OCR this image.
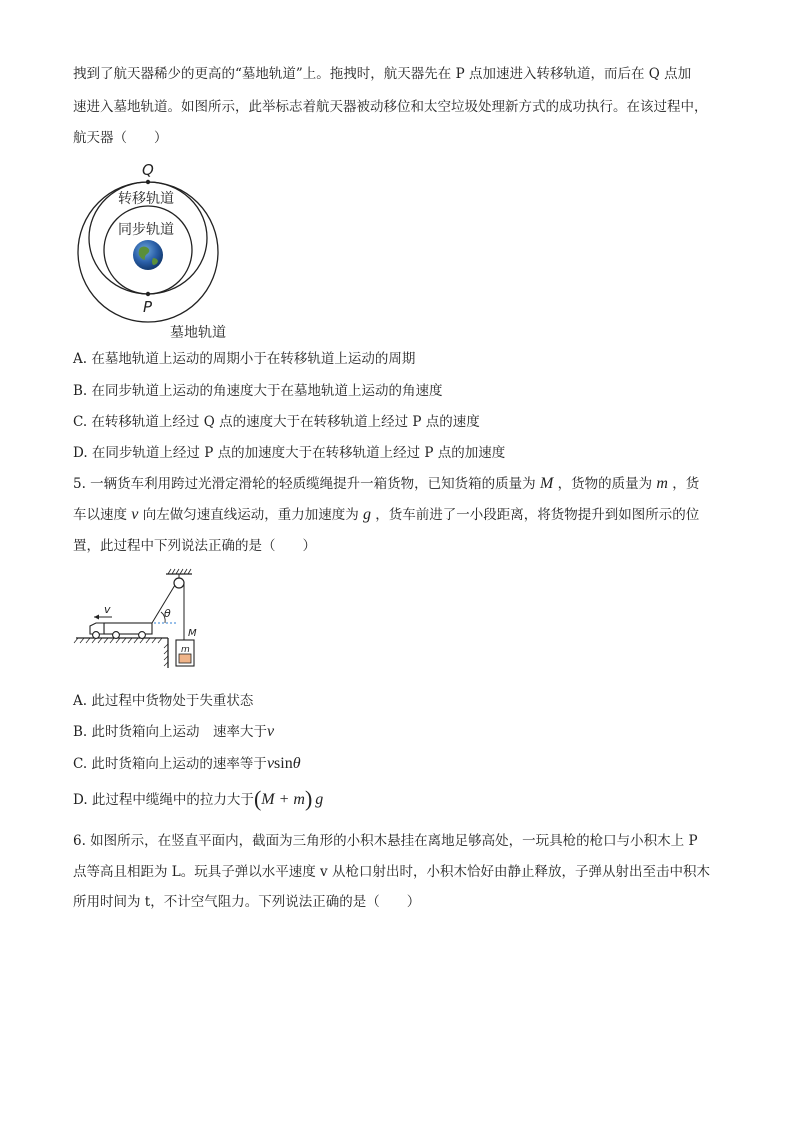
拽到了航天器稀少的更高的“墓地轨道”上。拖拽时，航天器先在 P 点加速进入转移轨道，而后在 Q 点加
速进入墓地轨道。如图所示，此举标志着航天器被动移位和太空垃圾处理新方式的成功执行。在该过程中，
航天器（　　）
Q
P
转移轨道
同步轨道
墓地轨道
A. 在墓地轨道上运动的周期小于在转移轨道上运动的周期
B. 在同步轨道上运动的角速度大于在墓地轨道上运动的角速度
C. 在转移轨道上经过 Q 点的速度大于在转移轨道上经过 P 点的速度
D. 在同步轨道上经过 P 点的加速度大于在转移轨道上经过 P 点的加速度
5. 一辆货车利用跨过光滑定滑轮的轻质缆绳提升一箱货物，已知货箱的质量为 M ，货物的质量为 m ，货
车以速度 v 向左做匀速直线运动，重力加速度为 g ，货车前进了一小段距离，将货物提升到如图所示的位
置，此过程中下列说法正确的是（　　）
θ
v
M
m
A. 此过程中货物处于失重状态
B. 此时货箱向上运动　速率大于v
C. 此时货箱向上运动的速率等于vsinθ
D. 此过程中缆绳中的拉力大于(M + m) g
6. 如图所示，在竖直平面内，截面为三角形的小积木悬挂在离地足够高处，一玩具枪的枪口与小积木上 P
点等高且相距为 L。玩具子弹以水平速度 v 从枪口射出时，小积木恰好由静止释放，子弹从射出至击中积木
所用时间为 t，不计空气阻力。下列说法正确的是（　　）
